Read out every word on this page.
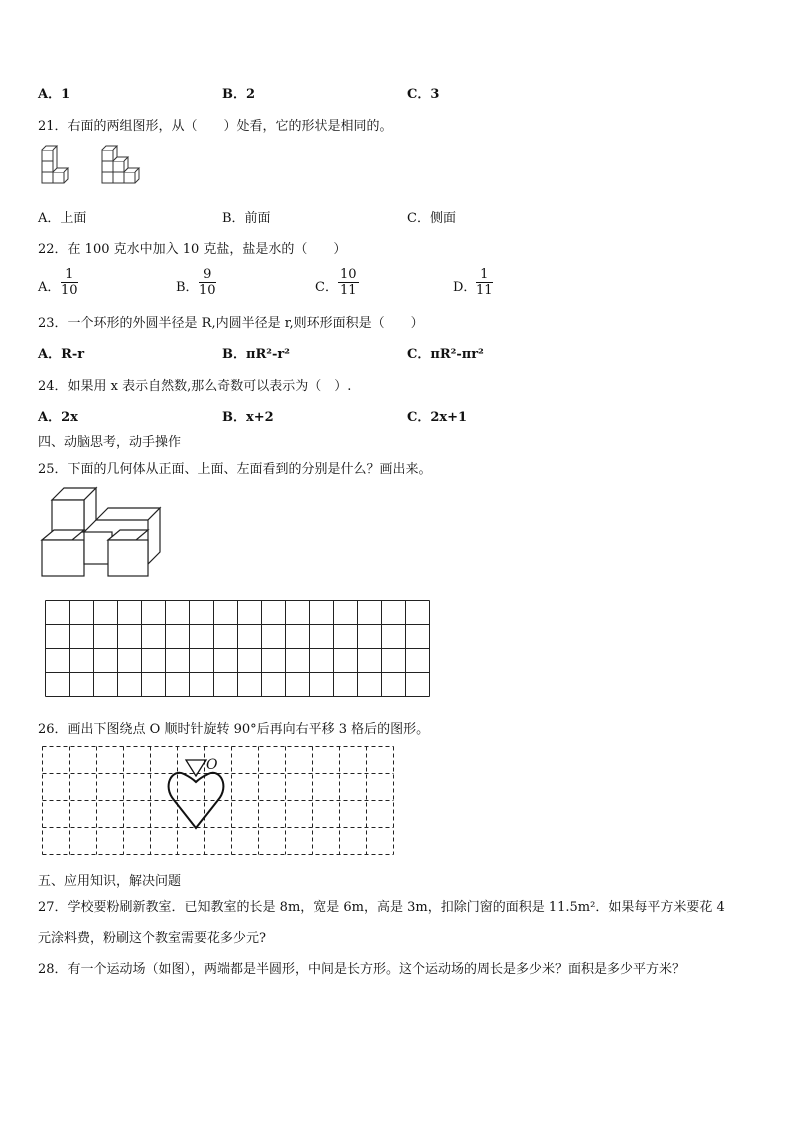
A．1	B．2	C．3
21．右面的两组图形，从（　　）处看，它的形状是相同的。
A．上面	B．前面	C．侧面
22．在 100 克水中加入 10 克盐，盐是水的（　　）
A． $\frac{1}{10}$	B． $\frac{9}{10}$	C． $\frac{10}{11}$	D． $\frac{1}{11}$
23．一个环形的外圆半径是 R,内圆半径是 r,则环形面积是（　　）
A．R-r	B．πR²-r²	C．πR²-πr²
24．如果用 x 表示自然数,那么奇数可以表示为（　）.
A．2x	B．x+2	C．2x+1
四、动脑思考，动手操作
25．下面的几何体从正面、上面、左面看到的分别是什么？画出来。
26．画出下图绕点 O 顺时针旋转 90°后再向右平移 3 格后的图形。
O
五、应用知识，解决问题
27．学校要粉刷新教室．已知教室的长是 8m，宽是 6m，高是 3m，扣除门窗的面积是 11.5m²．如果每平方米要花 4
元涂料费，粉刷这个教室需要花多少元?
28．有一个运动场（如图），两端都是半圆形，中间是长方形。这个运动场的周长是多少米？面积是多少平方米？
